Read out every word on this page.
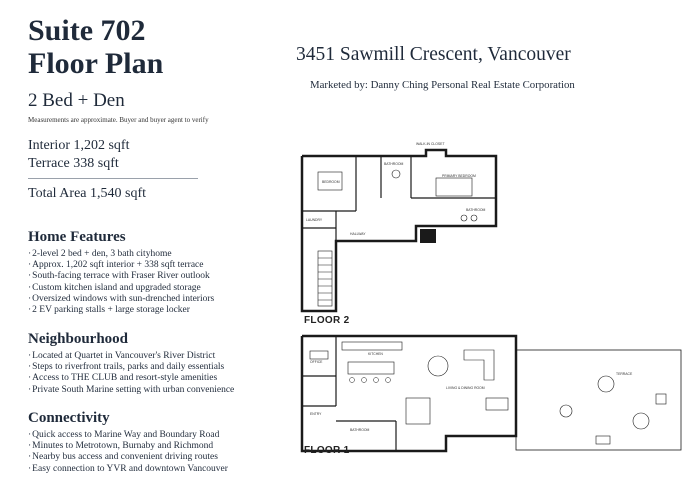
Suite 702
Floor Plan
2 Bed + Den
Measurements are approximate. Buyer and buyer agent to verify
Interior 1,202 sqft
Terrace 338 sqft
Total Area 1,540 sqft
Home Features
· 2-level 2 bed + den, 3 bath cityhome
· Approx. 1,202 sqft interior + 338 sqft terrace
· South-facing terrace with Fraser River outlook
· Custom kitchen island and upgraded storage
· Oversized windows with sun-drenched interiors
· 2 EV parking stalls + large storage locker
Neighbourhood
· Located at Quartet in Vancouver's River District
· Steps to riverfront trails, parks and daily essentials
· Access to THE CLUB and resort-style amenities
· Private South Marine setting with urban convenience
Connectivity
· Quick access to Marine Way and Boundary Road
· Minutes to Metrotown, Burnaby and Richmond
· Nearby bus access and convenient driving routes
· Easy connection to YVR and downtown Vancouver
3451 Sawmill Crescent, Vancouver
Marketed by: Danny Ching Personal Real Estate Corporation
FLOOR 2
FLOOR 1
WALK-IN CLOSET
BATHROOM
BEDROOM
PRIMARY BEDROOM
BATHROOM
LAUNDRY
HALLWAY
KITCHEN
LIVING & DINING ROOM
OFFICE
TERRACE
ENTRY
BATHROOM
